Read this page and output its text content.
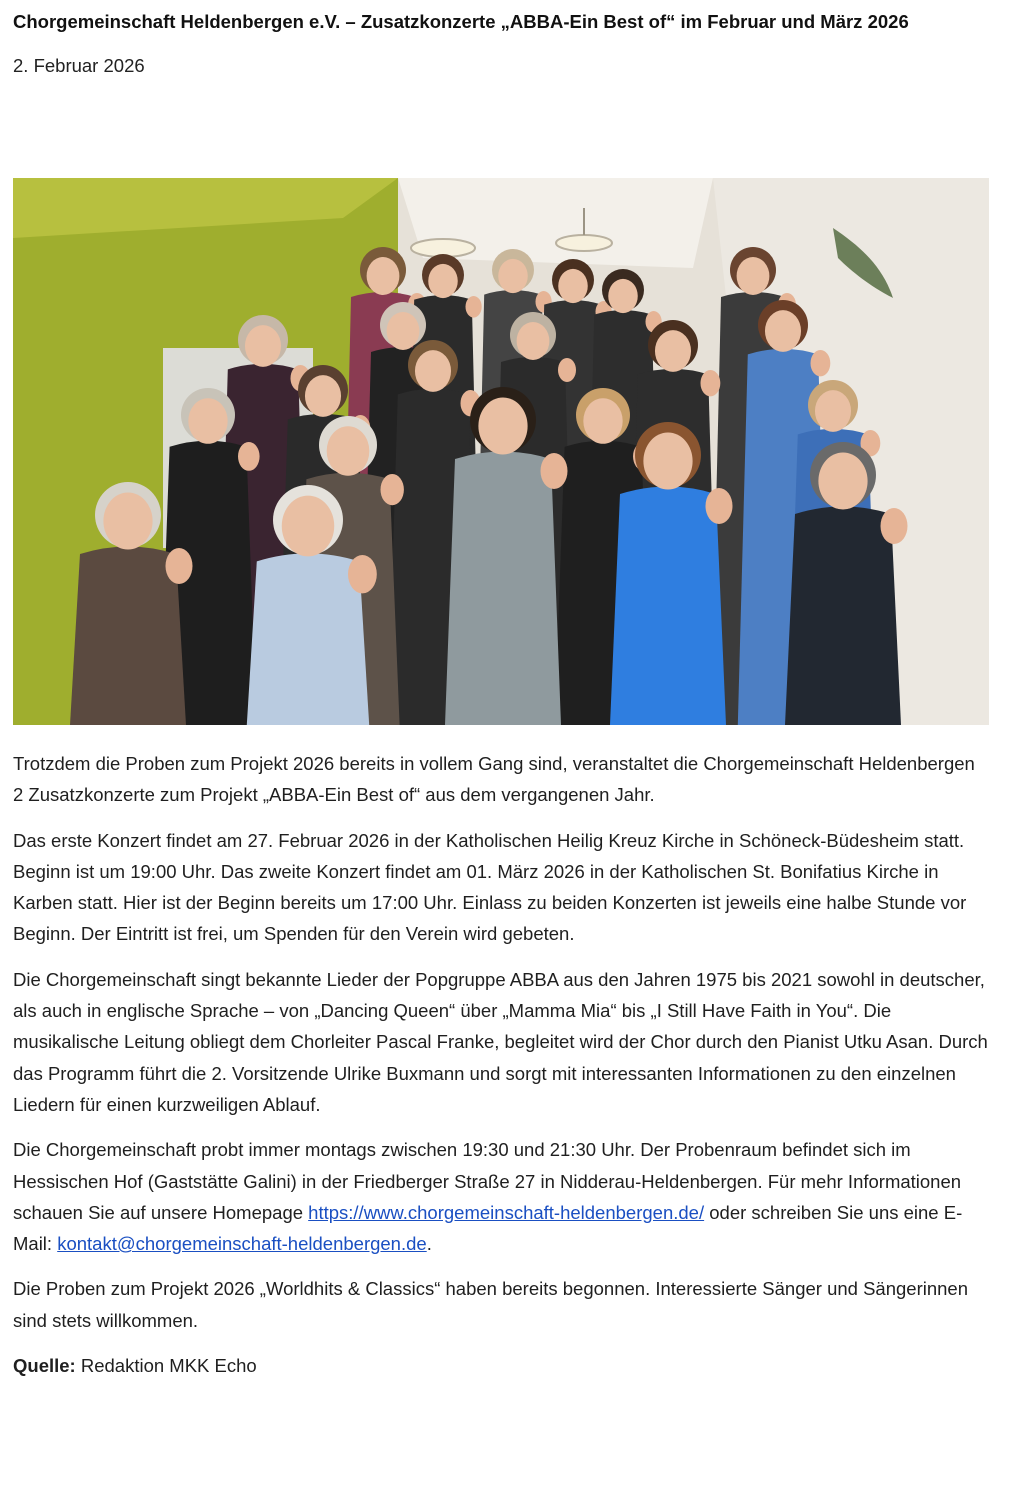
Chorgemeinschaft Heldenbergen e.V. – Zusatzkonzerte „ABBA-Ein Best of“ im Februar und März 2026
2. Februar 2026

Trotzdem die Proben zum Projekt 2026 bereits in vollem Gang sind, veranstaltet die Chorgemeinschaft Heldenbergen 2 Zusatzkonzerte zum Projekt „ABBA-Ein Best of“ aus dem vergangenen Jahr.

Das erste Konzert findet am 27. Februar 2026 in der Katholischen Heilig Kreuz Kirche in Schöneck-Büdesheim statt. Beginn ist um 19:00 Uhr. Das zweite Konzert findet am 01. März 2026 in der Katholischen St. Bonifatius Kirche in Karben statt. Hier ist der Beginn bereits um 17:00 Uhr. Einlass zu beiden Konzerten ist jeweils eine halbe Stunde vor Beginn. Der Eintritt ist frei, um Spenden für den Verein wird gebeten.

Die Chorgemeinschaft singt bekannte Lieder der Popgruppe ABBA aus den Jahren 1975 bis 2021 sowohl in deutscher, als auch in englische Sprache – von „Dancing Queen“ über „Mamma Mia“ bis „I Still Have Faith in You“. Die musikalische Leitung obliegt dem Chorleiter Pascal Franke, begleitet wird der Chor durch den Pianist Utku Asan. Durch das Programm führt die 2. Vorsitzende Ulrike Buxmann und sorgt mit interessanten Informationen zu den einzelnen Liedern für einen kurzweiligen Ablauf.

Die Chorgemeinschaft probt immer montags zwischen 19:30 und 21:30 Uhr. Der Probenraum befindet sich im Hessischen Hof (Gaststätte Galini) in der Friedberger Straße 27 in Nidderau-Heldenbergen. Für mehr Informationen schauen Sie auf unsere Homepage https://www.chorgemeinschaft-heldenbergen.de/ oder schreiben Sie uns eine E-Mail: kontakt@chorgemeinschaft-heldenbergen.de.

Die Proben zum Projekt 2026 „Worldhits & Classics“ haben bereits begonnen. Interessierte Sänger und Sängerinnen sind stets willkommen.

Quelle: Redaktion MKK Echo
